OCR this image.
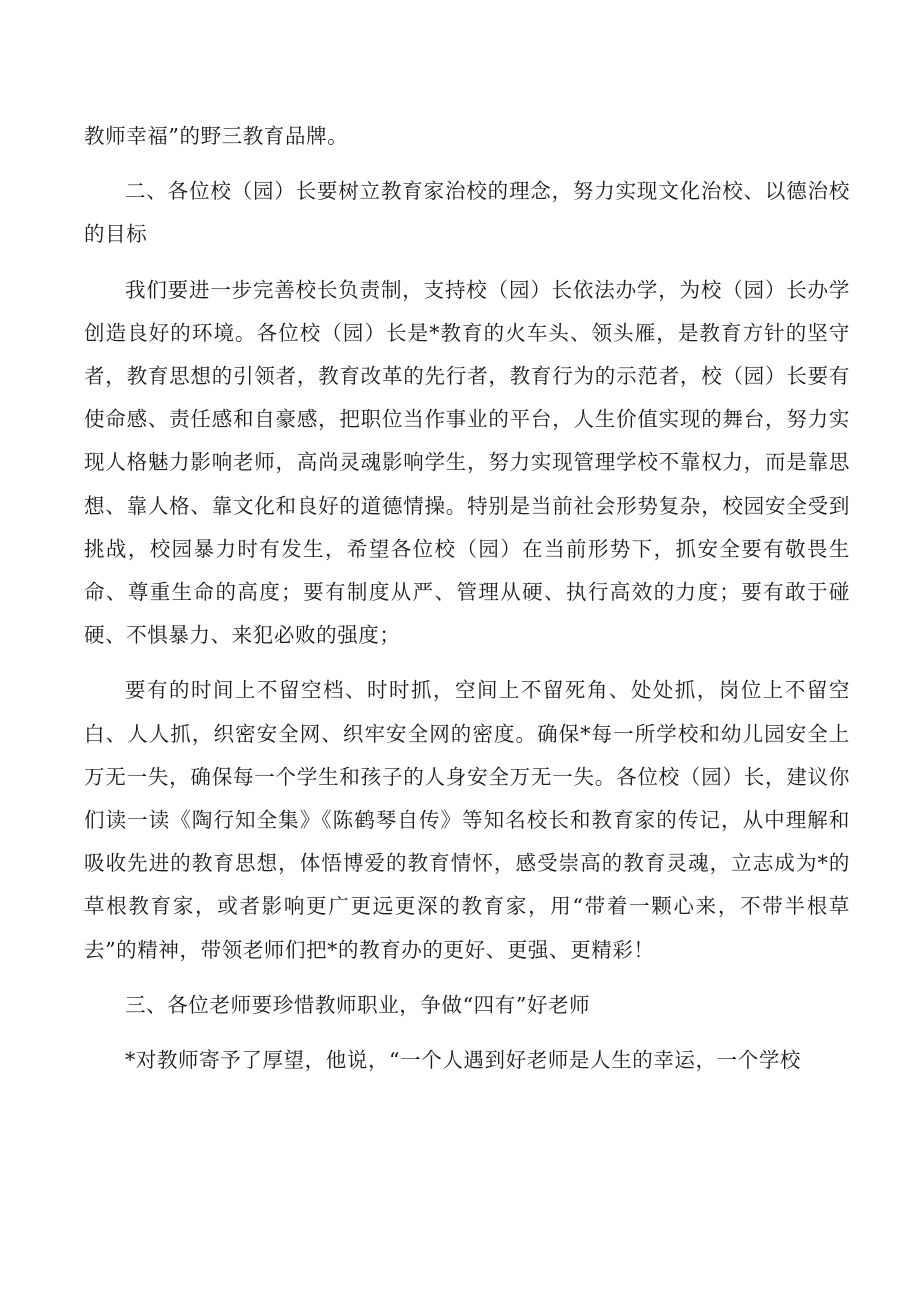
教师幸福”的野三教育品牌。

二、各位校（园）长要树立教育家治校的理念，努力实现文化治校、以德治校的目标

我们要进一步完善校长负责制，支持校（园）长依法办学，为校（园）长办学创造良好的环境。各位校（园）长是*教育的火车头、领头雁，是教育方针的坚守者，教育思想的引领者，教育改革的先行者，教育行为的示范者，校（园）长要有使命感、责任感和自豪感，把职位当作事业的平台，人生价值实现的舞台，努力实现人格魅力影响老师，高尚灵魂影响学生，努力实现管理学校不靠权力，而是靠思想、靠人格、靠文化和良好的道德情操。特别是当前社会形势复杂，校园安全受到挑战，校园暴力时有发生，希望各位校（园）在当前形势下，抓安全要有敬畏生命、尊重生命的高度；要有制度从严、管理从硬、执行高效的力度；要有敢于碰硬、不惧暴力、来犯必败的强度；

要有的时间上不留空档、时时抓，空间上不留死角、处处抓，岗位上不留空白、人人抓，织密安全网、织牢安全网的密度。确保*每一所学校和幼儿园安全上万无一失，确保每一个学生和孩子的人身安全万无一失。各位校（园）长，建议你们读一读《陶行知全集》《陈鹤琴自传》等知名校长和教育家的传记，从中理解和吸收先进的教育思想，体悟博爱的教育情怀，感受崇高的教育灵魂，立志成为*的草根教育家，或者影响更广更远更深的教育家，用“带着一颗心来，不带半根草去”的精神，带领老师们把*的教育办的更好、更强、更精彩！

三、各位老师要珍惜教师职业，争做“四有”好老师

*对教师寄予了厚望，他说，“一个人遇到好老师是人生的幸运，一个学校
